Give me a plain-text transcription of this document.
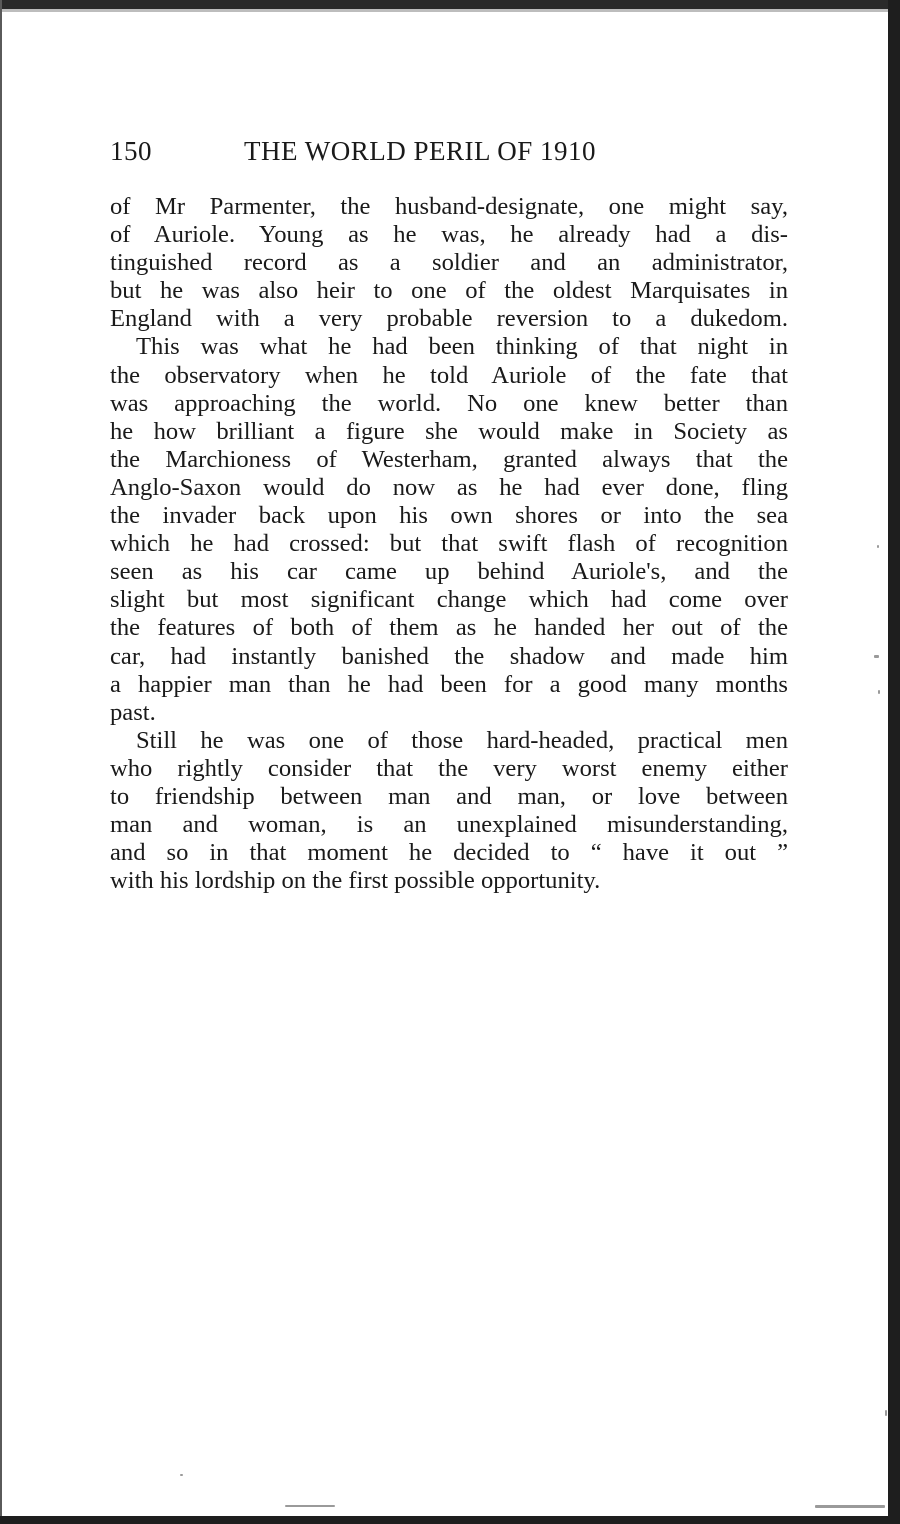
150	THE WORLD PERIL OF 1910
of Mr Parmenter, the husband-designate, one might say,
of Auriole. Young as he was, he already had a dis-
tinguished record as a soldier and an administrator,
but he was also heir to one of the oldest Marquisates in
England with a very probable reversion to a dukedom.
This was what he had been thinking of that night in
the observatory when he told Auriole of the fate that
was approaching the world. No one knew better than
he how brilliant a figure she would make in Society as
the Marchioness of Westerham, granted always that the
Anglo-Saxon would do now as he had ever done, fling
the invader back upon his own shores or into the sea
which he had crossed: but that swift flash of recognition
seen as his car came up behind Auriole's, and the
slight but most significant change which had come over
the features of both of them as he handed her out of the
car, had instantly banished the shadow and made him
a happier man than he had been for a good many months
past.
Still he was one of those hard-headed, practical men
who rightly consider that the very worst enemy either
to friendship between man and man, or love between
man and woman, is an unexplained misunderstanding,
and so in that moment he decided to “ have it out ”
with his lordship on the first possible opportunity.
